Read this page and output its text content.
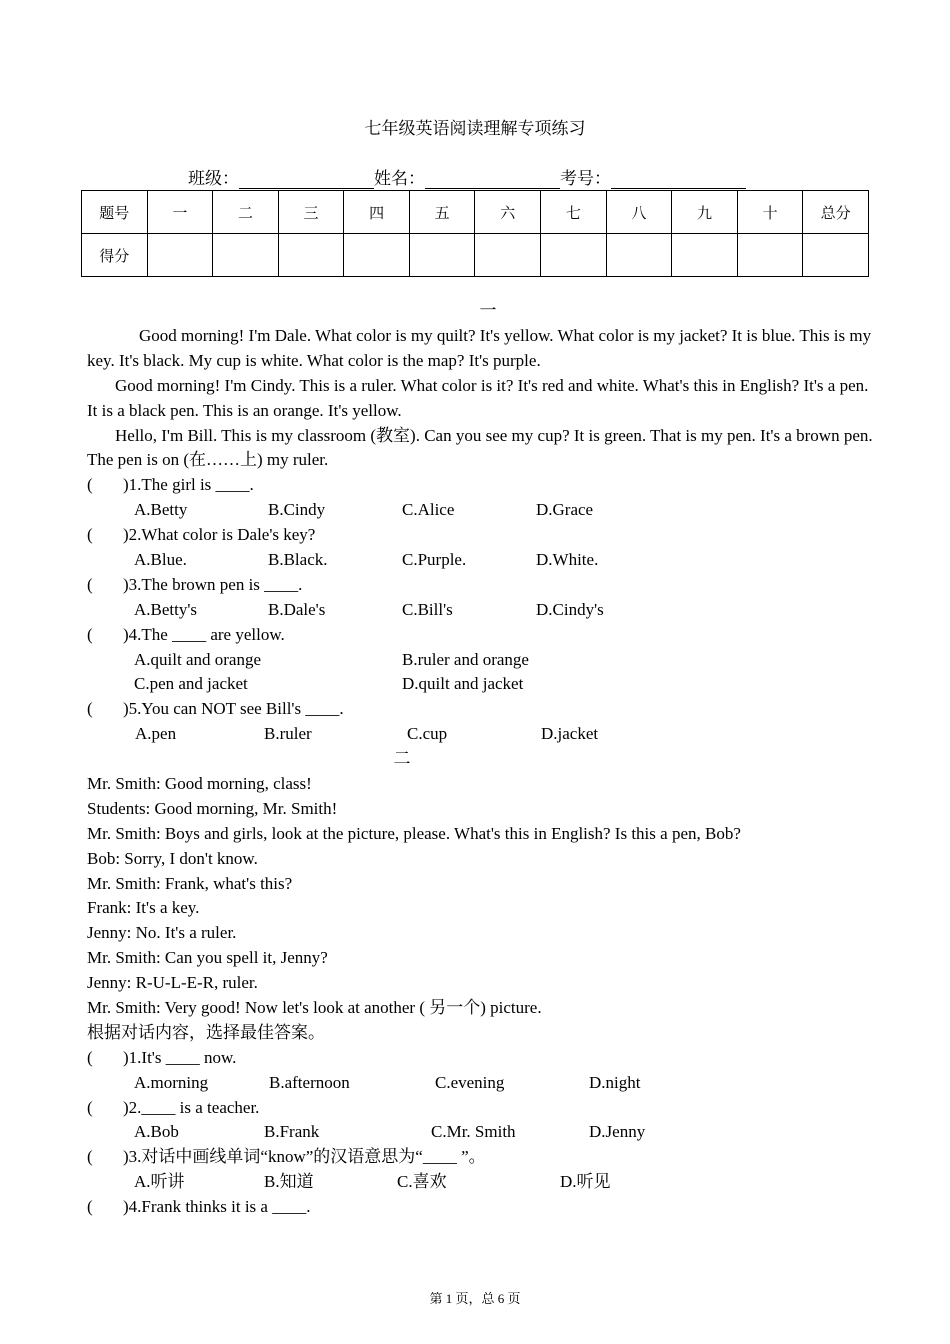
七年级英语阅读理解专项练习
班级：	姓名：	考号：
题号	一	二	三	四	五	六	七	八	九	十	总分
得分											
一
Good morning! I'm Dale. What color is my quilt? It's yellow. What color is my jacket? It is blue. This is my key. It's black. My cup is white. What color is the map? It's purple.
Good morning! I'm Cindy. This is a ruler. What color is it? It's red and white. What's this in English? It's a pen. It is a black pen. This is an orange. It's yellow.
Hello, I'm Bill. This is my classroom (教室). Can you see my cup? It is green. That is my pen. It's a brown pen. The pen is on (在……上) my ruler.
( )1.The girl is ____.
A.Betty	B.Cindy	C.Alice	D.Grace
( )2.What color is Dale's key?
A.Blue.	B.Black.	C.Purple.	D.White.
( )3.The brown pen is ____.
A.Betty's	B.Dale's	C.Bill's	D.Cindy's
( )4.The ____ are yellow.
A.quilt and orange	B.ruler and orange
C.pen and jacket	D.quilt and jacket
( )5.You can NOT see Bill's ____.
A.pen	B.ruler	C.cup	D.jacket
二
Mr. Smith: Good morning, class!
Students: Good morning, Mr. Smith!
Mr. Smith: Boys and girls, look at the picture, please. What's this in English? Is this a pen, Bob?
Bob: Sorry, I don't know.
Mr. Smith: Frank, what's this?
Frank: It's a key.
Jenny: No. It's a ruler.
Mr. Smith: Can you spell it, Jenny?
Jenny: R-U-L-E-R, ruler.
Mr. Smith: Very good! Now let's look at another ( 另一个) picture.
根据对话内容，选择最佳答案。
( )1.It's ____ now.
A.morning	B.afternoon	C.evening	D.night
( )2.____ is a teacher.
A.Bob	B.Frank	C.Mr. Smith	D.Jenny
( )3.对话中画线单词“know”的汉语意思为“____ ”。
A.听讲	B.知道	C.喜欢	D.听见
( )4.Frank thinks it is a ____.
第 1 页，总 6 页
